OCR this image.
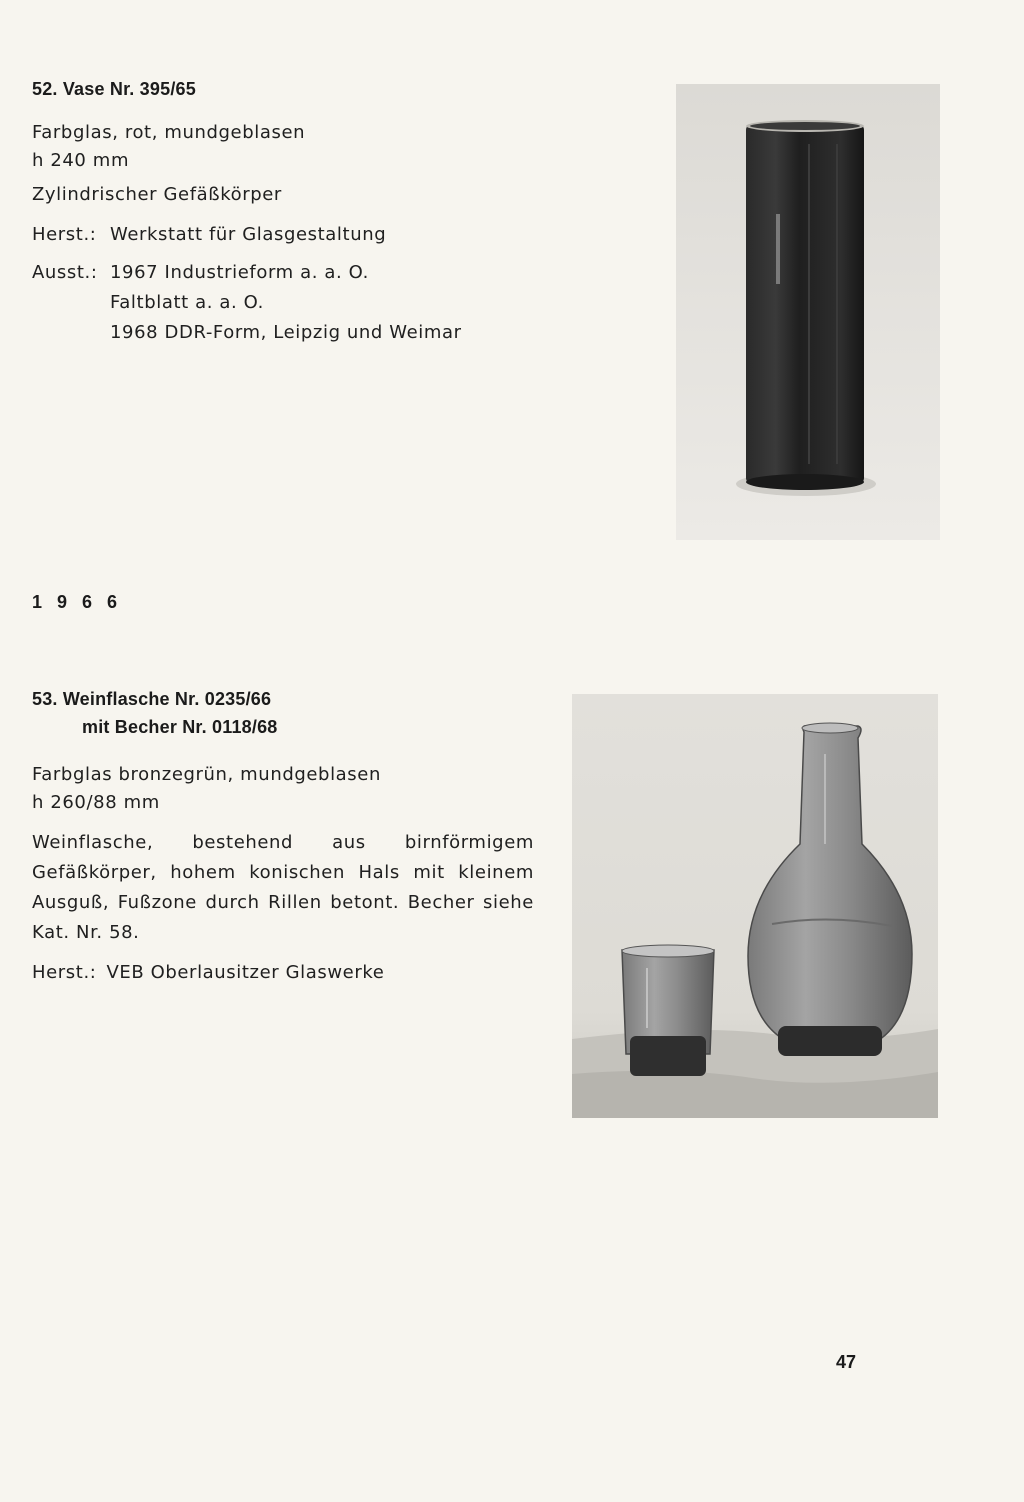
52. Vase Nr. 395/65

Farbglas, rot, mundgeblasen

h 240 mm

Zylindrischer Gefäßkörper

Herst.: Werkstatt für Glasgestaltung
Ausst.: 1967 Industrieform a. a. O.
Faltblatt a. a. O.
1968 DDR-Form, Leipzig und Weimar
1 9 6 6
53. Weinflasche Nr. 0235/66
mit Becher Nr. 0118/68

Farbglas bronzegrün, mundgeblasen

h 260/88 mm

Weinflasche, bestehend aus birnförmigem Gefäßkörper, hohem konischen Hals mit kleinem Ausguß, Fußzone durch Rillen betont. Becher siehe Kat. Nr. 58.

Herst.: VEB Oberlausitzer Glaswerke
47
